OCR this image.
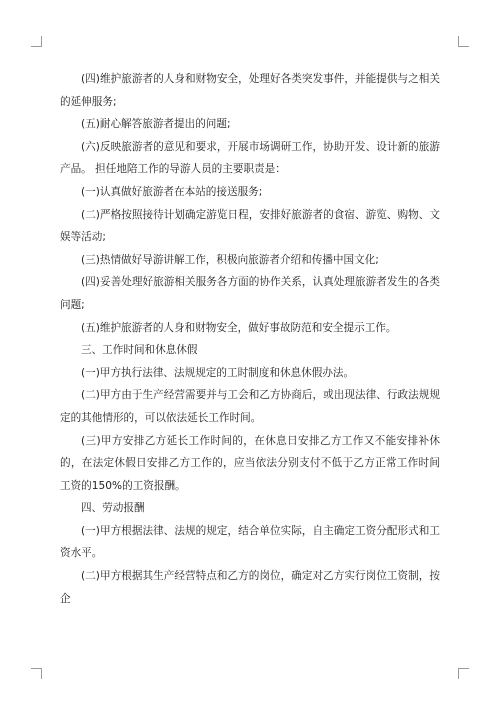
(四)维护旅游者的人身和财物安全，处理好各类突发事件，并能提供与之相关的延伸服务;

(五)耐心解答旅游者提出的问题;

(六)反映旅游者的意见和要求，开展市场调研工作，协助开发、设计新的旅游产品。 担任地陪工作的导游人员的主要职责是：

(一)认真做好旅游者在本站的接送服务;

(二)严格按照接待计划确定游览日程，安排好旅游者的食宿、游览、购物、文娱等活动;

(三)热情做好导游讲解工作，积极向旅游者介绍和传播中国文化;

(四)妥善处理好旅游相关服务各方面的协作关系，认真处理旅游者发生的各类问题;

(五)维护旅游者的人身和财物安全，做好事故防范和安全提示工作。

三、工作时间和休息休假

(一)甲方执行法律、法规规定的工时制度和休息休假办法。

(二)甲方由于生产经营需要并与工会和乙方协商后，或出现法律、行政法规规定的其他情形的，可以依法延长工作时间。

(三)甲方安排乙方延长工作时间的，在休息日安排乙方工作又不能安排补休的，在法定休假日安排乙方工作的，应当依法分别支付不低于乙方正常工作时间工资的150%的工资报酬。

四、劳动报酬

(一)甲方根据法律、法规的规定，结合单位实际，自主确定工资分配形式和工资水平。

(二)甲方根据其生产经营特点和乙方的岗位，确定对乙方实行岗位工资制，按企
